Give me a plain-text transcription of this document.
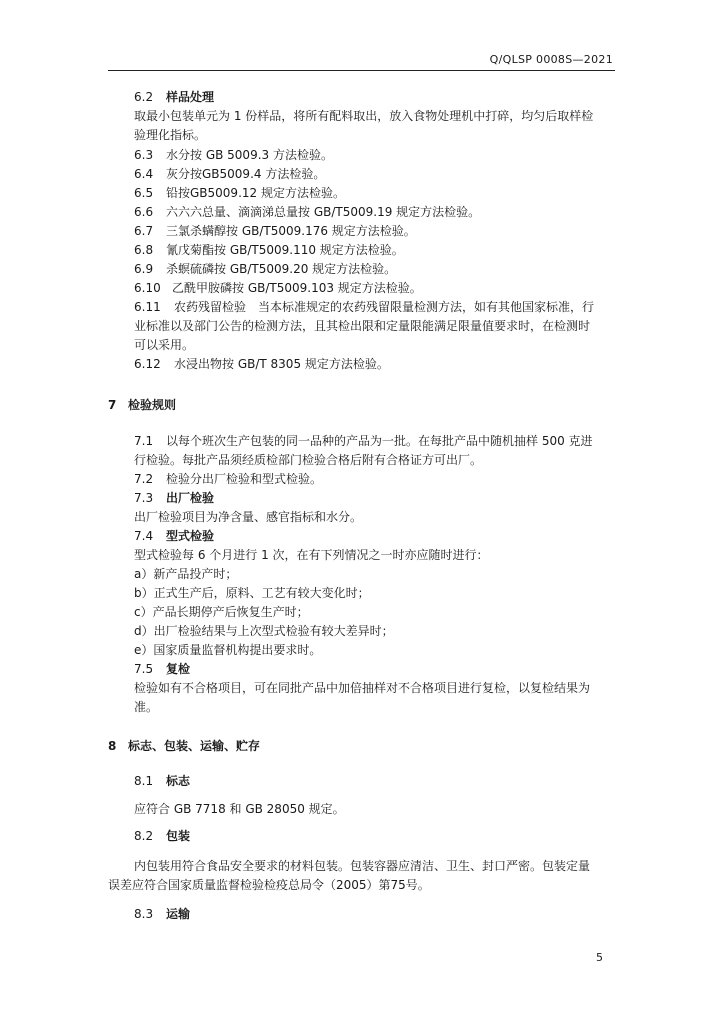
Q/QLSP 0008S—2021
6.2 样品处理
取最小包装单元为 1 份样品，将所有配料取出，放入食物处理机中打碎，均匀后取样检
验理化指标。
6.3 水分按 GB 5009.3 方法检验。
6.4 灰分按GB5009.4 方法检验。
6.5 铅按GB5009.12 规定方法检验。
6.6 六六六总量、滴滴涕总量按 GB/T5009.19 规定方法检验。
6.7 三氯杀螨醇按 GB/T5009.176 规定方法检验。
6.8 氰戊菊酯按 GB/T5009.110 规定方法检验。
6.9 杀螟硫磷按 GB/T5009.20 规定方法检验。
6.10 乙酰甲胺磷按 GB/T5009.103 规定方法检验。
6.11 农药残留检验　当本标准规定的农药残留限量检测方法，如有其他国家标准，行
业标准以及部门公告的检测方法，且其检出限和定量限能满足限量值要求时，在检测时
可以采用。
6.12 水浸出物按 GB/T 8305 规定方法检验。
7 检验规则
7.1 以每个班次生产包装的同一品种的产品为一批。在每批产品中随机抽样 500 克进
行检验。每批产品须经质检部门检验合格后附有合格证方可出厂。
7.2 检验分出厂检验和型式检验。
7.3 出厂检验
出厂检验项目为净含量、感官指标和水分。
7.4 型式检验
型式检验每 6 个月进行 1 次，在有下列情况之一时亦应随时进行：
a）新产品投产时；
b）正式生产后，原料、工艺有较大变化时；
c）产品长期停产后恢复生产时；
d）出厂检验结果与上次型式检验有较大差异时；
e）国家质量监督机构提出要求时。
7.5 复检
检验如有不合格项目，可在同批产品中加倍抽样对不合格项目进行复检，以复检结果为
准。
8 标志、包装、运输、贮存
8.1 标志
应符合 GB 7718 和 GB 28050 规定。
8.2 包装
内包装用符合食品安全要求的材料包装。包装容器应清洁、卫生、封口严密。包装定量
误差应符合国家质量监督检验检疫总局令（2005）第75号。
8.3 运输
5
